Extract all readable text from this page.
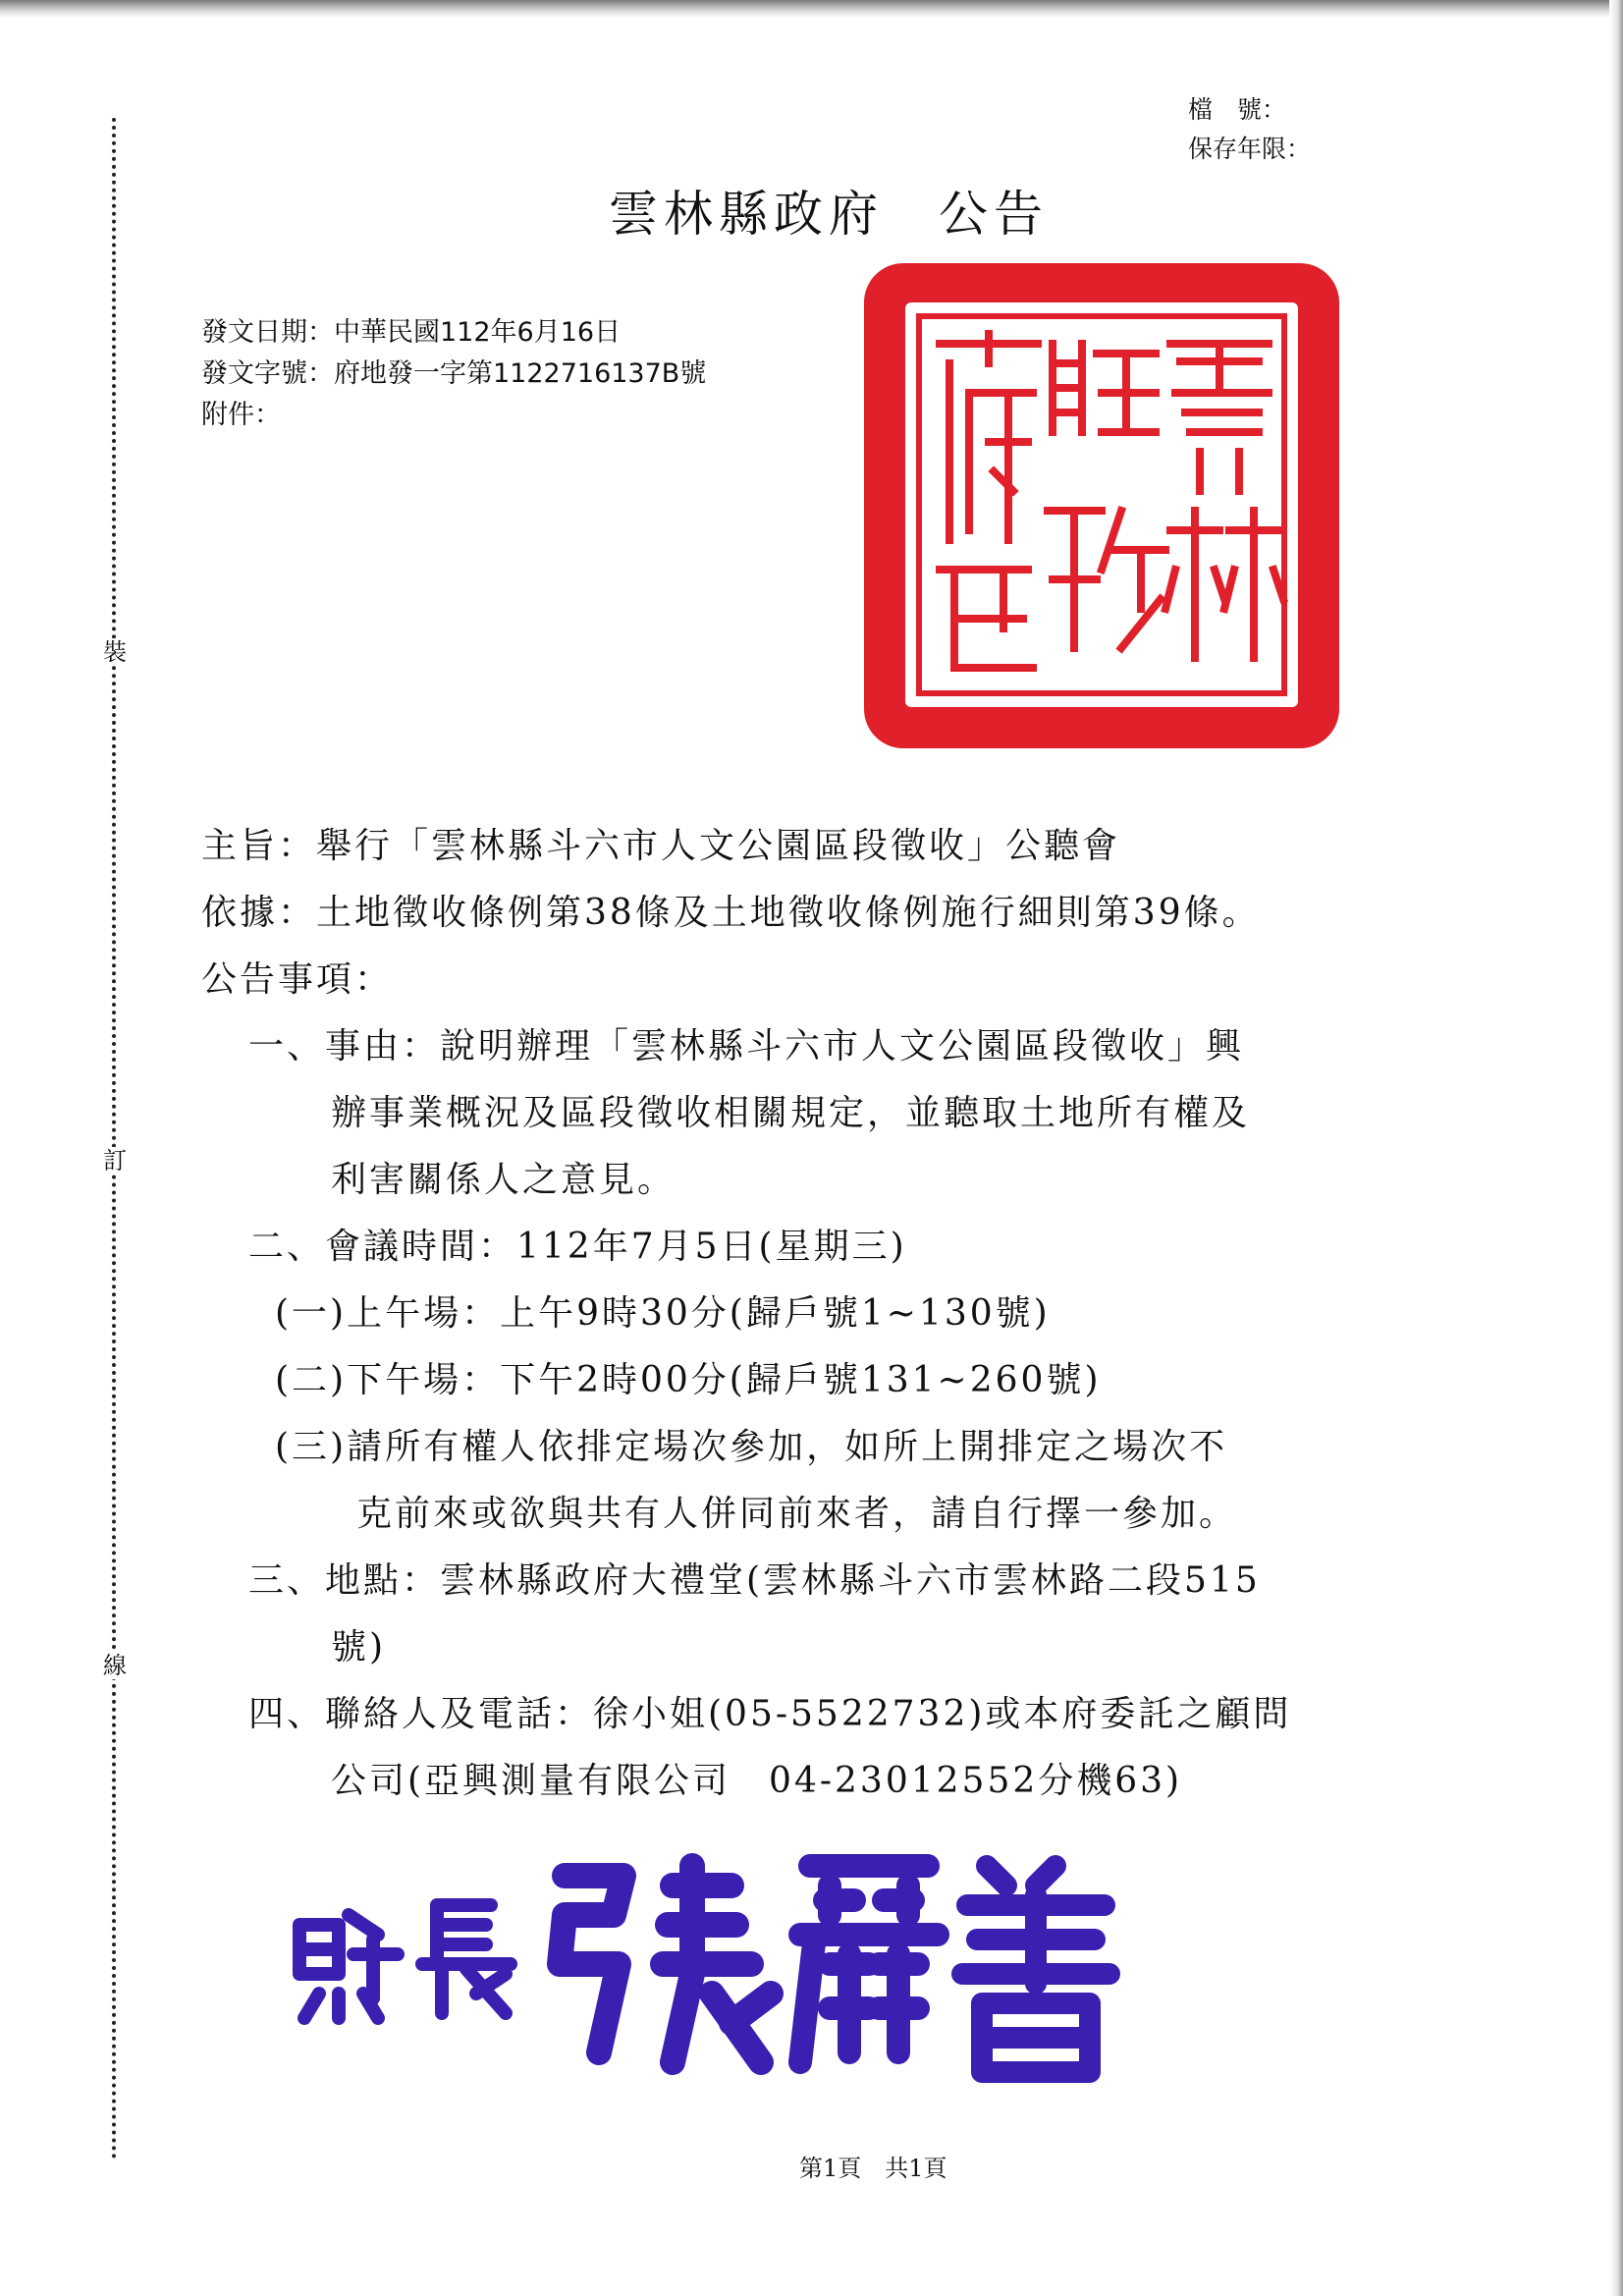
裝
訂
線
檔　號：
保存年限：
雲林縣政府　公告
發文日期：中華民國112年6月16日
發文字號：府地發一字第1122716137B號
附件：
主旨：舉行「雲林縣斗六市人文公園區段徵收」公聽會
依據：土地徵收條例第38條及土地徵收條例施行細則第39條。
公告事項：
一、事由：說明辦理「雲林縣斗六市人文公園區段徵收」興
辦事業概況及區段徵收相關規定，並聽取土地所有權及
利害關係人之意見。
二、會議時間：112年7月5日(星期三)
(一)上午場：上午9時30分(歸戶號1~130號)
(二)下午場：下午2時00分(歸戶號131~260號)
(三)請所有權人依排定場次參加，如所上開排定之場次不
克前來或欲與共有人併同前來者，請自行擇一參加。
三、地點：雲林縣政府大禮堂(雲林縣斗六市雲林路二段515
號)
四、聯絡人及電話：徐小姐(05-5522732)或本府委託之顧問
公司(亞興測量有限公司　04-23012552分機63)
第1頁　共1頁
